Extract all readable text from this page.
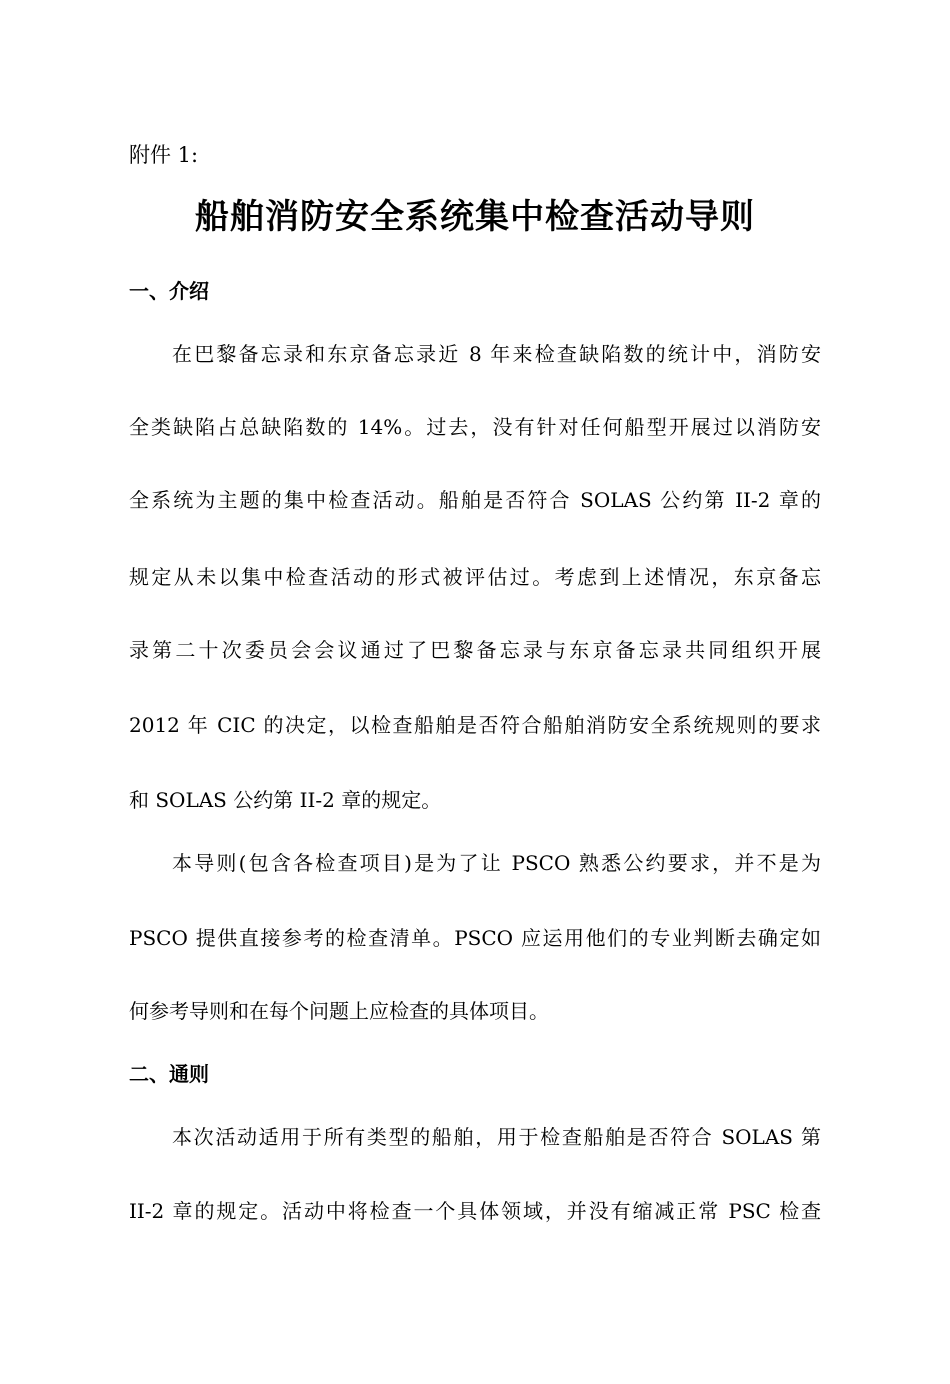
附件 1:
船舶消防安全系统集中检查活动导则
一、介绍
在巴黎备忘录和东京备忘录近 8 年来检查缺陷数的统计中，消防安
全类缺陷占总缺陷数的 14%。过去，没有针对任何船型开展过以消防安
全系统为主题的集中检查活动。船舶是否符合 SOLAS 公约第 II-2 章的
规定从未以集中检查活动的形式被评估过。考虑到上述情况，东京备忘
录第二十次委员会会议通过了巴黎备忘录与东京备忘录共同组织开展
2012 年 CIC 的决定，以检查船舶是否符合船舶消防安全系统规则的要求
和 SOLAS 公约第 II-2 章的规定。
本导则(包含各检查项目)是为了让 PSCO 熟悉公约要求，并不是为
PSCO 提供直接参考的检查清单。PSCO 应运用他们的专业判断去确定如
何参考导则和在每个问题上应检查的具体项目。
二、通则
本次活动适用于所有类型的船舶，用于检查船舶是否符合 SOLAS 第
II-2 章的规定。活动中将检查一个具体领域，并没有缩减正常 PSC 检查
